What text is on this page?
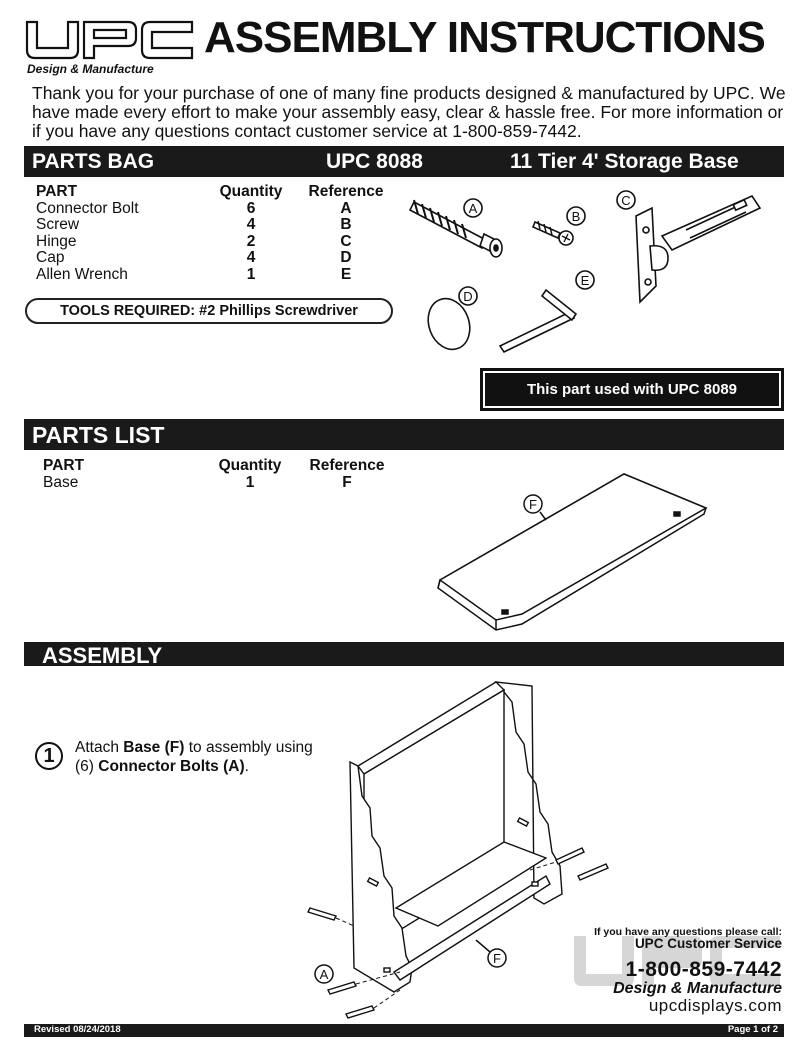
Design & Manufacture
ASSEMBLY INSTRUCTIONS
Thank you for your purchase of one of many fine products designed & manufactured by UPC. We have made every effort to make your assembly easy, clear & hassle free. For more information or if you have any questions contact customer service at 1-800-859-7442.
PARTS BAG	UPC 8088	11 Tier 4' Storage Base
PART	Quantity	Reference
Connector Bolt	6	A
Screw	4	B
Hinge	2	C
Cap	4	D
Allen Wrench	1	E
TOOLS REQUIRED: #2 Phillips Screwdriver
A
B
C
D
E
This part used with UPC 8089
PARTS LIST
PART	Quantity	Reference
Base	1	F
F
ASSEMBLY
1	Attach Base (F) to assembly using (6) Connector Bolts (A).
A
F
If you have any questions please call:
UPC Customer Service
1-800-859-7442
Design & Manufacture
upcdisplays.com
Revised 08/24/2018	Page 1 of 2
